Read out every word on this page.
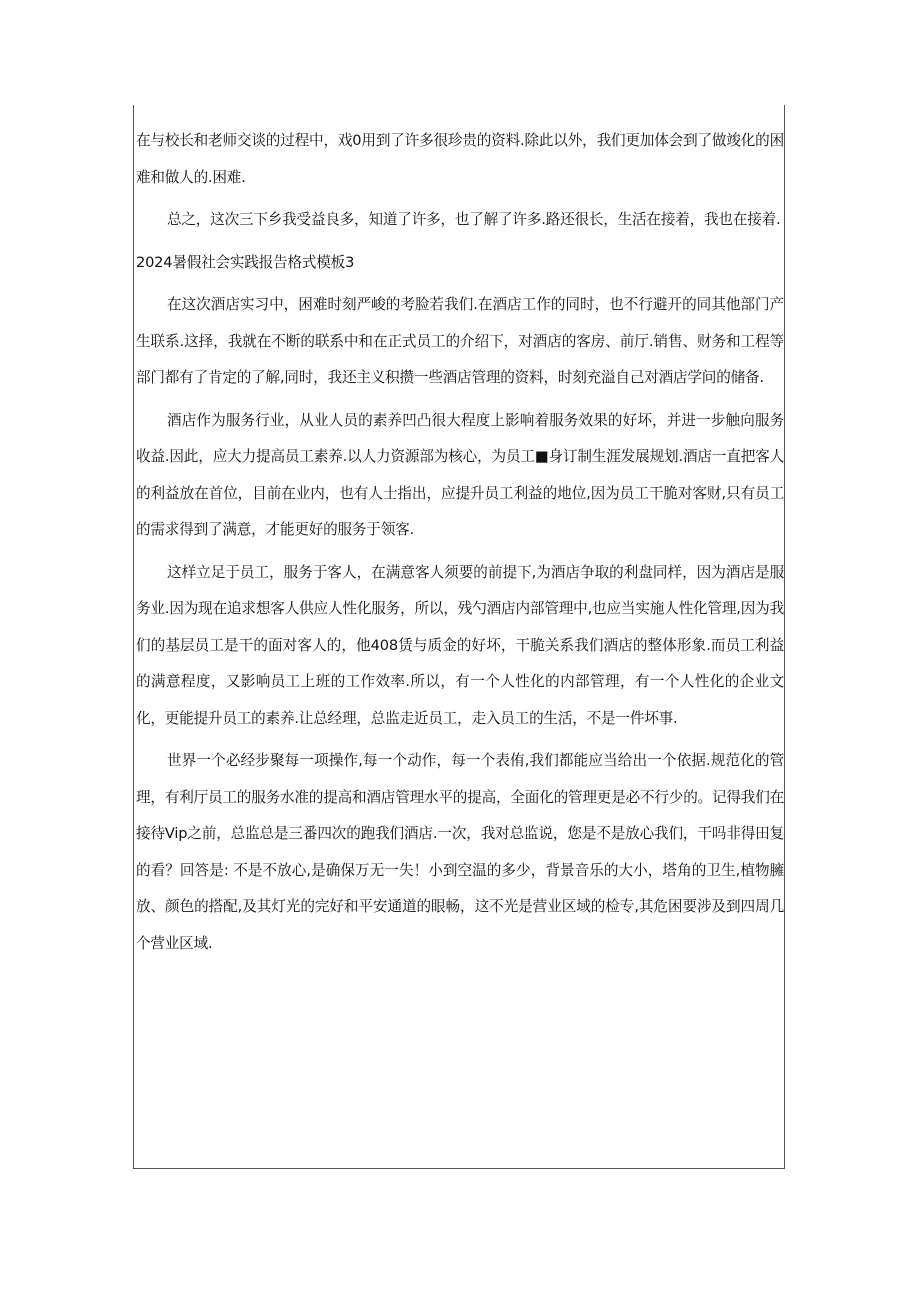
在与校长和老师交谈的过程中，戏0用到了许多很珍贵的资料.除此以外，我们更加体会到了做竣化的困难和做人的.困难.

总之，这次三下乡我受益良多，知道了许多，也了解了许多.路还很长，生活在接着，我也在接着.

2024暑假社会实践报告格式模板3

在这次酒店实习中，困难时刻严峻的考脸若我们.在酒店工作的同时，也不行避开的同其他部门产生联系.这择，我就在不断的联系中和在正式员工的介绍下，对酒店的客房、前厅.销售、财务和工程等部门都有了肯定的了解,同时，我还主义积攒一些酒店管理的资料，时刻充溢自己对酒店学问的储备.

酒店作为服务行业，从业人员的素养凹凸很大程度上影响着服务效果的好坏，并进一步触向服务收益.因此，应大力提高员工素养.以人力资源部为核心，为员工■身订制生涯发展规划.酒店一直把客人的利益放在首位，目前在业内，也有人士指出，应提升员工利益的地位,因为员工干脆对客财,只有员工的需求得到了满意，才能更好的服务于领客.

这样立足于员工，服务于客人，在满意客人须要的前提下,为酒店争取的利盘同样，因为酒店是服务业.因为现在追求想客人供应人性化服务，所以，残勺酒店内部管理中,也应当实施人性化管理,因为我们的基层员工是干的面对客人的，他408赁与质金的好坏，干脆关系我们酒店的整体形象.而员工利益的满意程度，又影响员工上班的工作效率.所以，有一个人性化的内部管理，有一个人性化的企业文化，更能提升员工的素养.让总经理，总监走近员工，走入员工的生活，不是一件坏事.

世界一个必经步聚每一项操作,每一个动作，每一个表侑,我们都能应当给出一个依据.规范化的管理，有利厅员工的服务水准的提高和酒店管理水平的提高，全面化的管理更是必不行少的。记得我们在接待Vip之前，总监总是三番四次的跑我们酒店.一次，我对总监说，您是不是放心我们，干吗非得田复的看？回答是: 不是不放心,是确保万无一失！小到空温的多少，背景音乐的大小，塔角的卫生,植物臃放、颜色的搭配,及其灯光的完好和平安通道的眼畅，这不光是营业区域的检专,其危困要涉及到四周几个营业区域.
